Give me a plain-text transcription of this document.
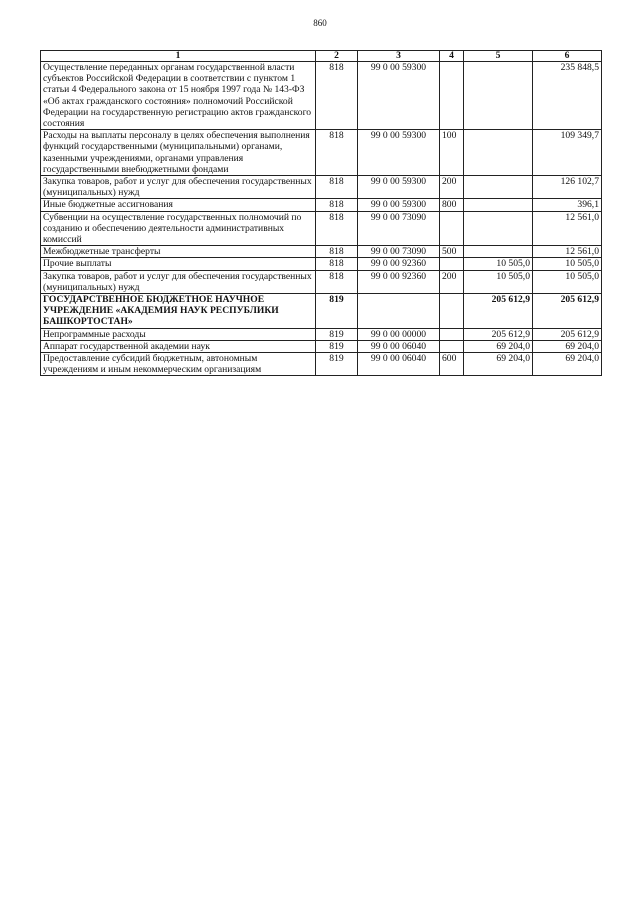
860
1	2	3	4	5	6
Осуществление переданных органам государственной власти субъектов Российской Федерации в соответствии с пунктом 1 статьи 4 Федерального закона от 15 ноября 1997 года № 143-ФЗ «Об актах гражданского состояния» полномочий Российской Федерации на государственную регистрацию актов гражданского состояния	818	99 0 00 59300			235 848,5
Расходы на выплаты персоналу в целях обеспечения выполнения функций государственными (муниципальными) органами, казенными учреждениями, органами управления государственными внебюджетными фондами	818	99 0 00 59300	100		109 349,7
Закупка товаров, работ и услуг для обеспечения государственных (муниципальных) нужд	818	99 0 00 59300	200		126 102,7
Иные бюджетные ассигнования	818	99 0 00 59300	800		396,1
Субвенции на осуществление государственных полномочий по созданию и обеспечению деятельности административных комиссий	818	99 0 00 73090			12 561,0
Межбюджетные трансферты	818	99 0 00 73090	500		12 561,0
Прочие выплаты	818	99 0 00 92360		10 505,0	10 505,0
Закупка товаров, работ и услуг для обеспечения государственных (муниципальных) нужд	818	99 0 00 92360	200	10 505,0	10 505,0
ГОСУДАРСТВЕННОЕ БЮДЖЕТНОЕ НАУЧНОЕ УЧРЕЖДЕНИЕ «АКАДЕМИЯ НАУК РЕСПУБЛИКИ БАШКОРТОСТАН»	819			205 612,9	205 612,9
Непрограммные расходы	819	99 0 00 00000		205 612,9	205 612,9
Аппарат государственной академии наук	819	99 0 00 06040		69 204,0	69 204,0
Предоставление субсидий бюджетным, автономным учреждениям и иным некоммерческим организациям	819	99 0 00 06040	600	69 204,0	69 204,0
